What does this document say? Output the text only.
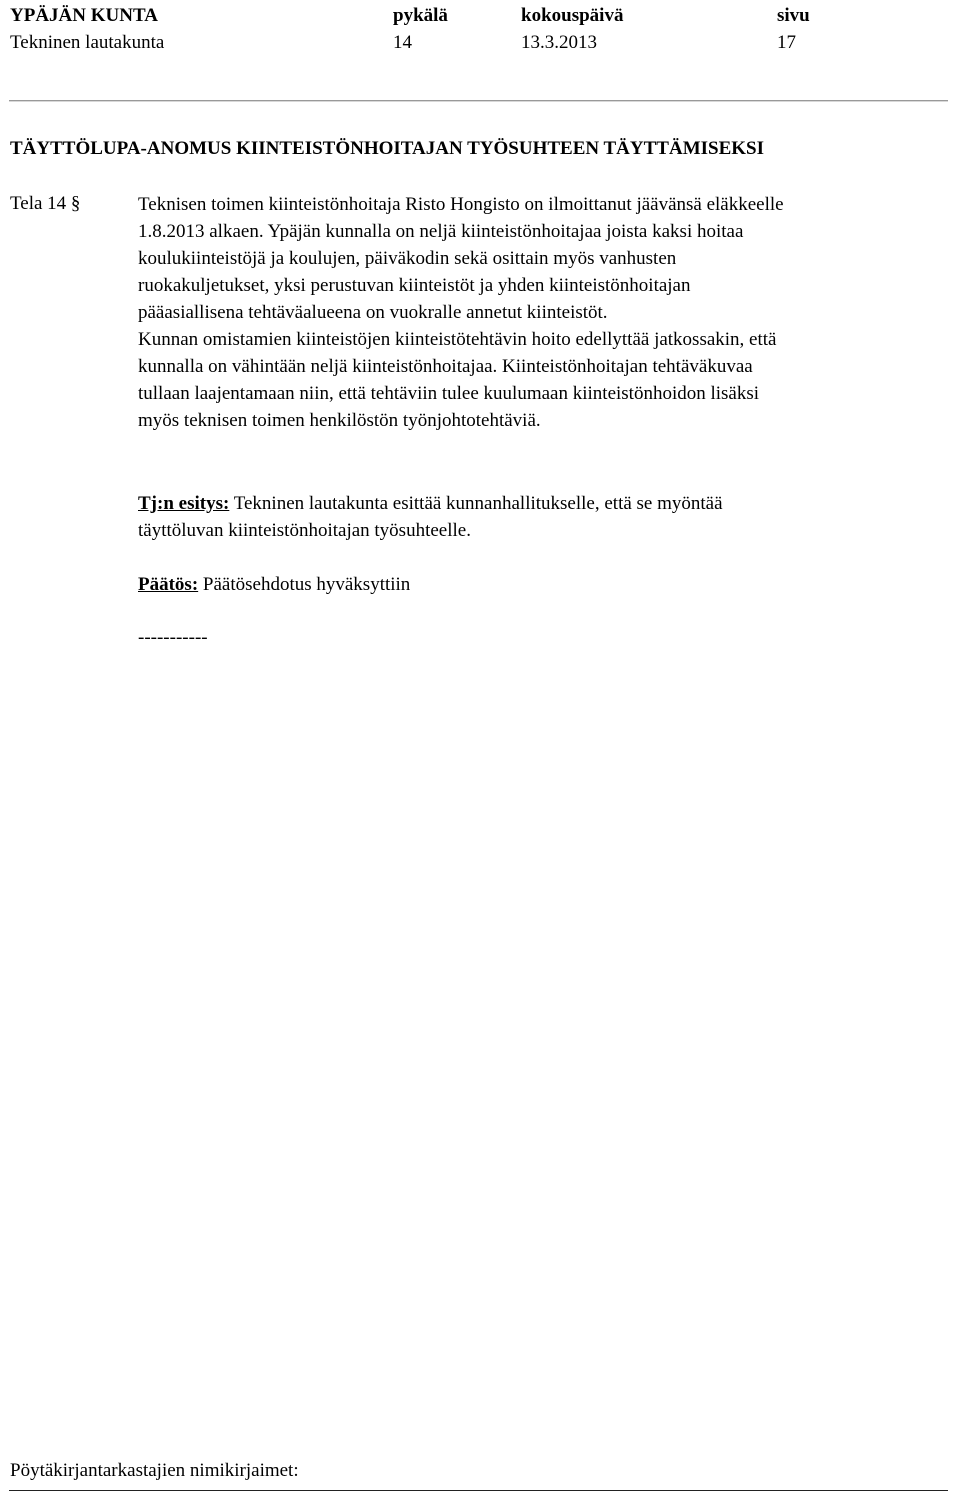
YPÄJÄN KUNTA
Tekninen lautakunta
pykälä
14
kokouspäivä
13.3.2013
sivu
17
TÄYTTÖLUPA-ANOMUS KIINTEISTÖNHOITAJAN TYÖSUHTEEN TÄYTTÄMISEKSI
Tela 14 §	Teknisen toimen kiinteistönhoitaja Risto Hongisto on ilmoittanut jäävänsä eläkkeelle

1.8.2013 alkaen. Ypäjän kunnalla on neljä kiinteistönhoitajaa joista kaksi hoitaa

koulukiinteistöjä ja koulujen, päiväkodin sekä osittain myös vanhusten

ruokakuljetukset, yksi perustuvan kiinteistöt ja yhden kiinteistönhoitajan

pääasiallisena tehtäväalueena on vuokralle annetut kiinteistöt.

Kunnan omistamien kiinteistöjen kiinteistötehtävin hoito edellyttää jatkossakin, että

kunnalla on vähintään neljä kiinteistönhoitajaa. Kiinteistönhoitajan tehtäväkuvaa

tullaan laajentamaan niin, että tehtäviin tulee kuulumaan kiinteistönhoidon lisäksi

myös teknisen toimen henkilöstön työnjohtotehtäviä.

Tj:n esitys: Tekninen lautakunta esittää kunnanhallitukselle, että se myöntää

täyttöluvan kiinteistönhoitajan työsuhteelle.

Päätös: Päätösehdotus hyväksyttiin

-----------

Pöytäkirjantarkastajien nimikirjaimet:
